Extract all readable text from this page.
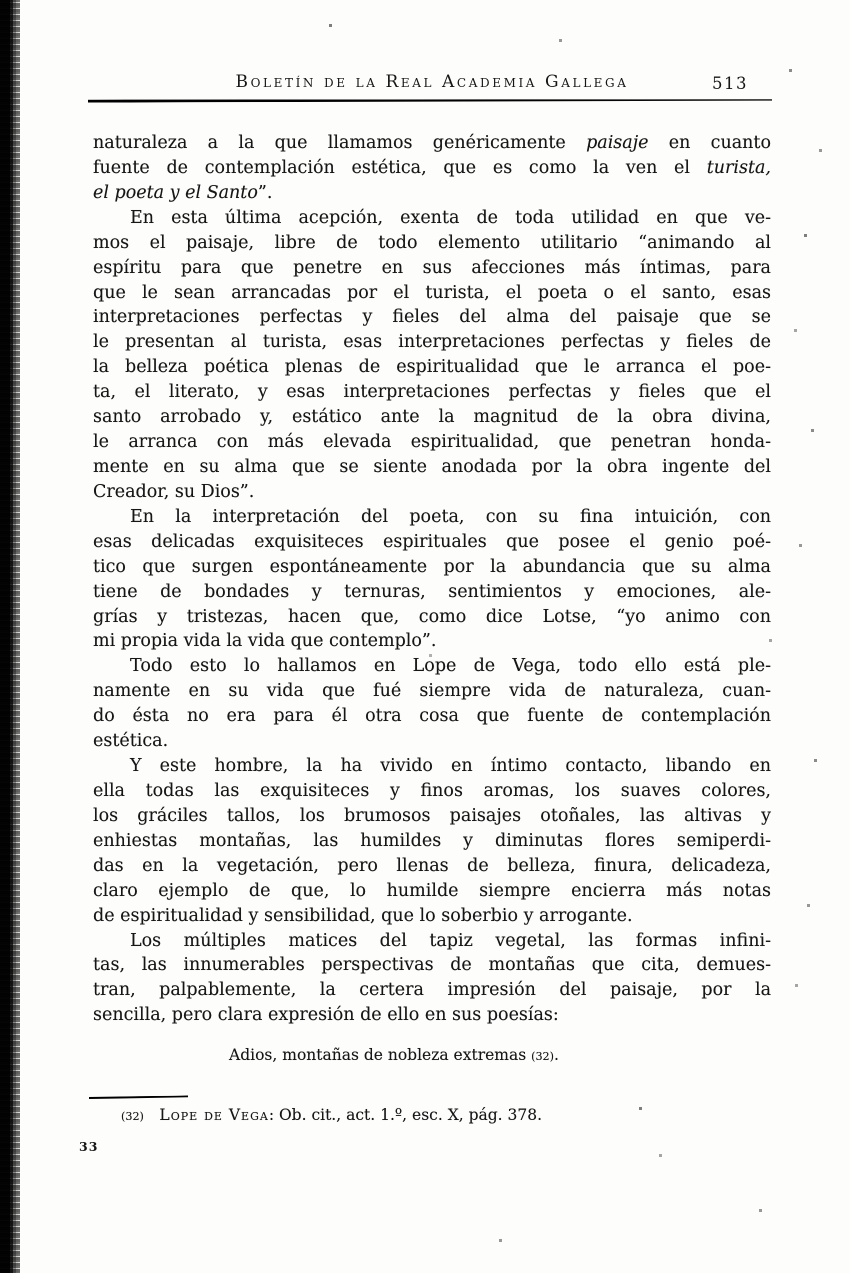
Boletín de la Real Academia Gallega	513
naturaleza a la que llamamos genéricamente paisaje en cuanto
fuente de contemplación estética, que es como la ven el turista,
el poeta y el Santo”.
En esta última acepción, exenta de toda utilidad en que ve-
mos el paisaje, libre de todo elemento utilitario “animando al
espíritu para que penetre en sus afecciones más íntimas, para
que le sean arrancadas por el turista, el poeta o el santo, esas
interpretaciones perfectas y fieles del alma del paisaje que se
le presentan al turista, esas interpretaciones perfectas y fieles de
la belleza poética plenas de espiritualidad que le arranca el poe-
ta, el literato, y esas interpretaciones perfectas y fieles que el
santo arrobado y, estático ante la magnitud de la obra divina,
le arranca con más elevada espiritualidad, que penetran honda-
mente en su alma que se siente anodada por la obra ingente del
Creador, su Dios”.
En la interpretación del poeta, con su fina intuición, con
esas delicadas exquisiteces espirituales que posee el genio poé-
tico que surgen espontáneamente por la abundancia que su alma
tiene de bondades y ternuras, sentimientos y emociones, ale-
grías y tristezas, hacen que, como dice Lotse, “yo animo con
mi propia vida la vida que contemplo”.
Todo esto lo hallamos en Lope de Vega, todo ello está ple-
namente en su vida que fué siempre vida de naturaleza, cuan-
do ésta no era para él otra cosa que fuente de contemplación
estética.
Y este hombre, la ha vivido en íntimo contacto, libando en
ella todas las exquisiteces y finos aromas, los suaves colores,
los gráciles tallos, los brumosos paisajes otoñales, las altivas y
enhiestas montañas, las humildes y diminutas flores semiperdi-
das en la vegetación, pero llenas de belleza, finura, delicadeza,
claro ejemplo de que, lo humilde siempre encierra más notas
de espiritualidad y sensibilidad, que lo soberbio y arrogante.
Los múltiples matices del tapiz vegetal, las formas infini-
tas, las innumerables perspectivas de montañas que cita, demues-
tran, palpablemente, la certera impresión del paisaje, por la
sencilla, pero clara expresión de ello en sus poesías:
Adios, montañas de nobleza extremas (32).
(32)   Lope de Vega: Ob. cit., act. 1.º, esc. X, pág. 378.
33
